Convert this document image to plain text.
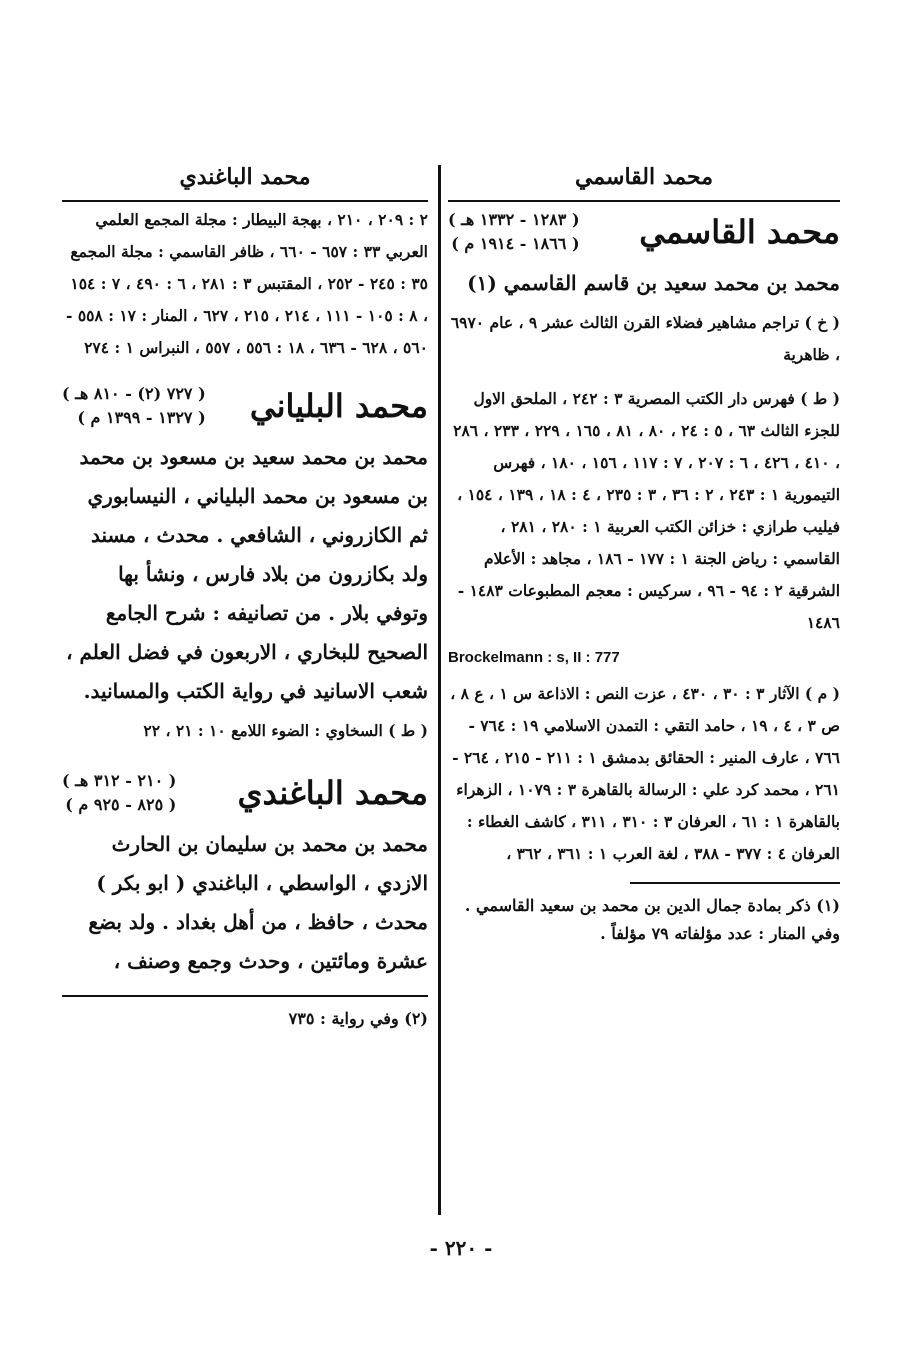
محمد القاسمي
محمد القاسمي
( ١٢٨٣ - ١٣٣٢ هـ )
( ١٨٦٦ - ١٩١٤ م )

محمد بن محمد سعيد بن قاسم القاسمي (١)

( خ ) تراجم مشاهير فضلاء القرن الثالث عشر ٩ ، عام ٦٩٧٠ ، ظاهرية

( ط ) فهرس دار الكتب المصرية ٣ : ٢٤٢ ، الملحق الاول للجزء الثالث ٦٣ ، ٥ : ٢٤ ، ٨٠ ، ٨١ ، ١٦٥ ، ٢٢٩ ، ٢٣٣ ، ٢٨٦ ، ٤١٠ ، ٤٢٦ ، ٦ : ٢٠٧ ، ٧ : ١١٧ ، ١٥٦ ، ١٨٠ ، فهرس التيمورية ١ : ٢٤٣ ، ٢ : ٣٦ ، ٣ : ٢٣٥ ، ٤ : ١٨ ، ١٣٩ ، ١٥٤ ، فيليب طرازي : خزائن الكتب العربية ١ : ٢٨٠ ، ٢٨١ ، القاسمي : رياض الجنة ١ : ١٧٧ - ١٨٦ ، مجاهد : الأعلام الشرقية ٢ : ٩٤ - ٩٦ ، سركيس : معجم المطبوعات ١٤٨٣ - ١٤٨٦

Brockelmann : s, II : 777

( م ) الآثار ٣ : ٣٠ ، ٤٣٠ ، عزت النص : الاذاعة س ١ ، ع ٨ ، ص ٣ ، ٤ ، ١٩ ، حامد التقي : التمدن الاسلامي ١٩ : ٧٦٤ - ٧٦٦ ، عارف المنير : الحقائق بدمشق ١ : ٢١١ - ٢١٥ ، ٢٦٤ - ٢٦١ ، محمد كرد علي : الرسالة بالقاهرة ٣ : ١٠٧٩ ، الزهراء بالقاهرة ١ : ٦١ ، العرفان ٣ : ٣١٠ ، ٣١١ ، كاشف الغطاء : العرفان ٤ : ٣٧٧ - ٣٨٨ ، لغة العرب ١ : ٣٦١ ، ٣٦٢ ،

(١) ذكر بمادة جمال الدين بن محمد بن سعيد القاسمي . وفي المنار : عدد مؤلفاته ٧٩ مؤلفاً .

محمد الباغندي

٢ : ٢٠٩ ، ٢١٠ ، بهجة البيطار : مجلة المجمع العلمي العربي ٣٣ : ٦٥٧ - ٦٦٠ ، ظافر القاسمي : مجلة المجمع ٣٥ : ٢٤٥ - ٢٥٢ ، المقتبس ٣ : ٢٨١ ، ٦ : ٤٩٠ ، ٧ : ١٥٤ ، ٨ : ١٠٥ - ١١١ ، ٢١٤ ، ٢١٥ ، ٦٢٧ ، المنار : ١٧ : ٥٥٨ - ٥٦٠ ، ٦٢٨ - ٦٣٦ ، ١٨ : ٥٥٦ ، ٥٥٧ ، النبراس ١ : ٢٧٤

محمد البلياني
( ٧٢٧ (٢) - ٨١٠ هـ )
( ١٣٢٧ - ١٣٩٩ م )

محمد بن محمد سعيد بن مسعود بن محمد بن مسعود بن محمد البلياني ، النيسابوري ثم الكازروني ، الشافعي . محدث ، مسند ولد بكازرون من بلاد فارس ، ونشأ بها وتوفي بلار . من تصانيفه : شرح الجامع الصحيح للبخاري ، الاربعون في فضل العلم ، شعب الاسانيد في رواية الكتب والمسانيد.

( ط ) السخاوي : الضوء اللامع ١٠ : ٢١ ، ٢٢

محمد الباغندي
( ٢١٠ - ٣١٢ هـ )
( ٨٢٥ - ٩٢٥ م )

محمد بن محمد بن سليمان بن الحارث الازدي ، الواسطي ، الباغندي ( ابو بكر ) محدث ، حافظ ، من أهل بغداد . ولد بضع عشرة ومائتين ، وحدث وجمع وصنف ،

(٢) وفي رواية : ٧٣٥

- ٢٢٠ -
